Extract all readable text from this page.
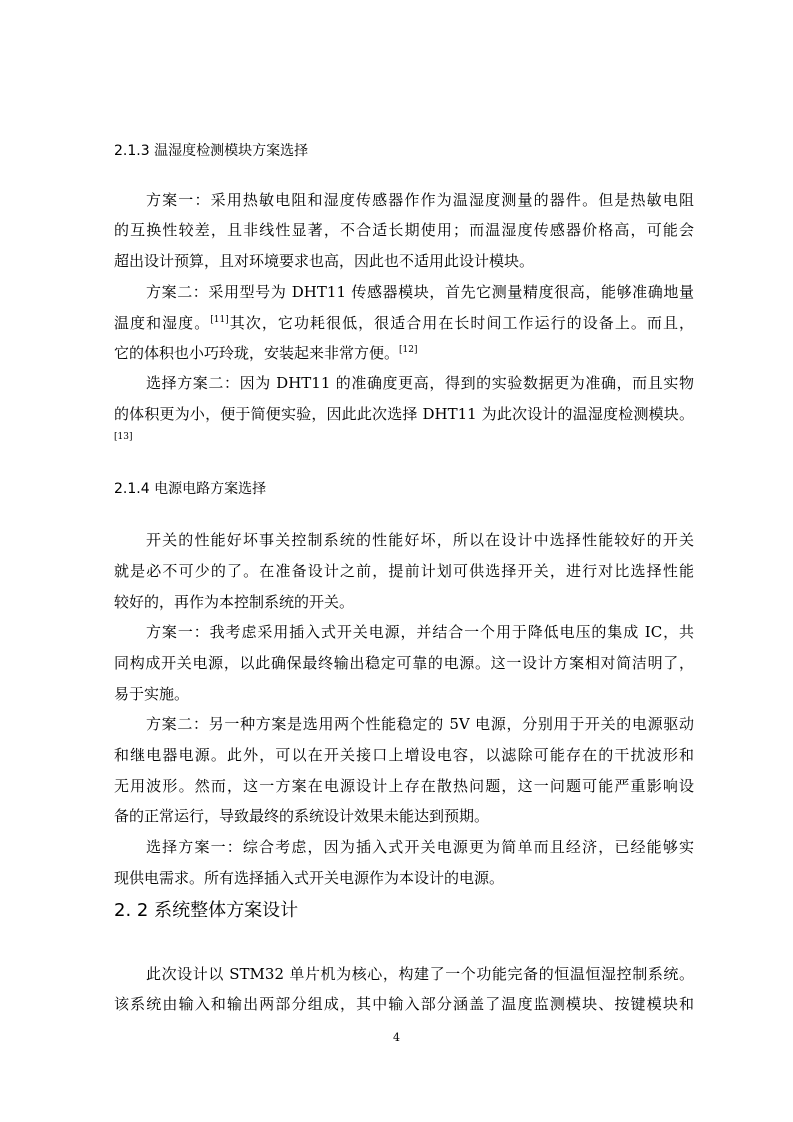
2.1.3 温湿度检测模块方案选择
方案一：采用热敏电阻和湿度传感器作作为温湿度测量的器件。但是热敏电阻
的互换性较差，且非线性显著，不合适长期使用；而温湿度传感器价格高，可能会
超出设计预算，且对环境要求也高，因此也不适用此设计模块。
方案二：采用型号为 DHT11 传感器模块，首先它测量精度很高，能够准确地量
温度和湿度。[11]其次，它功耗很低，很适合用在长时间工作运行的设备上。而且，
它的体积也小巧玲珑，安装起来非常方便。[12]
选择方案二：因为 DHT11 的准确度更高，得到的实验数据更为准确，而且实物
的体积更为小，便于简便实验，因此此次选择 DHT11 为此次设计的温湿度检测模块。
[13]
2.1.4 电源电路方案选择
开关的性能好坏事关控制系统的性能好坏，所以在设计中选择性能较好的开关
就是必不可少的了。在准备设计之前，提前计划可供选择开关，进行对比选择性能
较好的，再作为本控制系统的开关。
方案一：我考虑采用插入式开关电源，并结合一个用于降低电压的集成 IC，共
同构成开关电源，以此确保最终输出稳定可靠的电源。这一设计方案相对简洁明了，
易于实施。
方案二：另一种方案是选用两个性能稳定的 5V 电源，分别用于开关的电源驱动
和继电器电源。此外，可以在开关接口上增设电容，以滤除可能存在的干扰波形和
无用波形。然而，这一方案在电源设计上存在散热问题，这一问题可能严重影响设
备的正常运行，导致最终的系统设计效果未能达到预期。
选择方案一：综合考虑，因为插入式开关电源更为简单而且经济，已经能够实
现供电需求。所有选择插入式开关电源作为本设计的电源。
2. 2 系统整体方案设计
此次设计以 STM32 单片机为核心，构建了一个功能完备的恒温恒湿控制系统。
该系统由输入和输出两部分组成，其中输入部分涵盖了温度监测模块、按键模块和
4
